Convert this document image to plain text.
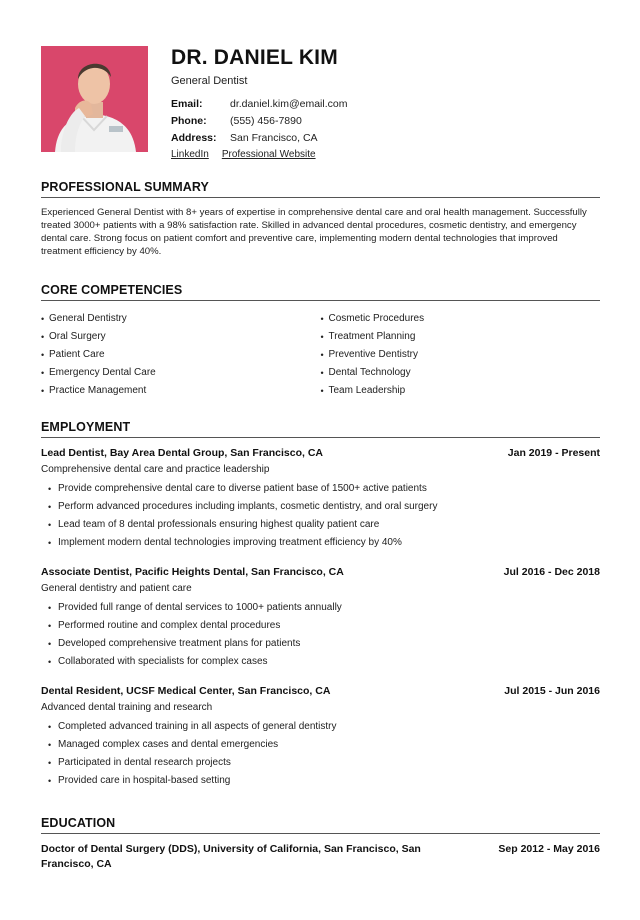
DR. DANIEL KIM
General Dentist
Email:	dr.daniel.kim@email.com
Phone:	(555) 456-7890
Address:	San Francisco, CA
LinkedIn Professional Website
PROFESSIONAL SUMMARY
Experienced General Dentist with 8+ years of expertise in comprehensive dental care and oral health management. Successfully treated 3000+ patients with a 98% satisfaction rate. Skilled in advanced dental procedures, cosmetic dentistry, and emergency dental care. Strong focus on patient comfort and preventive care, implementing modern dental technologies that improved treatment efficiency by 40%.
CORE COMPETENCIES
• General Dentistry
• Oral Surgery
• Patient Care
• Emergency Dental Care
• Practice Management
• Cosmetic Procedures
• Treatment Planning
• Preventive Dentistry
• Dental Technology
• Team Leadership
EMPLOYMENT
Lead Dentist, Bay Area Dental Group, San Francisco, CA	Jan 2019 - Present
Comprehensive dental care and practice leadership
• Provide comprehensive dental care to diverse patient base of 1500+ active patients
• Perform advanced procedures including implants, cosmetic dentistry, and oral surgery
• Lead team of 8 dental professionals ensuring highest quality patient care
• Implement modern dental technologies improving treatment efficiency by 40%
Associate Dentist, Pacific Heights Dental, San Francisco, CA	Jul 2016 - Dec 2018
General dentistry and patient care
• Provided full range of dental services to 1000+ patients annually
• Performed routine and complex dental procedures
• Developed comprehensive treatment plans for patients
• Collaborated with specialists for complex cases
Dental Resident, UCSF Medical Center, San Francisco, CA	Jul 2015 - Jun 2016
Advanced dental training and research
• Completed advanced training in all aspects of general dentistry
• Managed complex cases and dental emergencies
• Participated in dental research projects
• Provided care in hospital-based setting
EDUCATION
Doctor of Dental Surgery (DDS), University of California, San Francisco, San Francisco, CA
Sep 2012 - May 2016
